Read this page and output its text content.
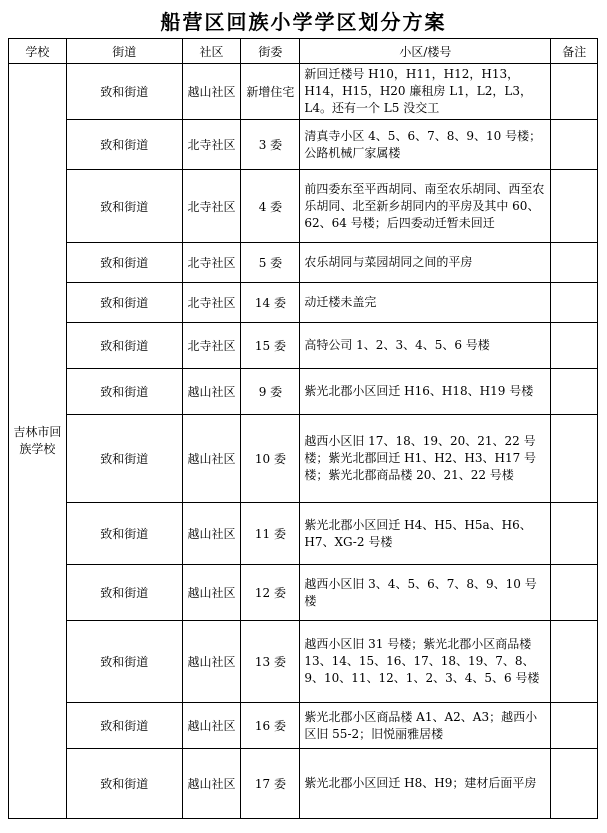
船营区回族小学学区划分方案
学校	街道	社区	街委	小区/楼号	备注
吉林市回族学校	致和街道	越山社区	新增住宅	新回迁楼号 H10，H11，H12，H13，H14，H15，H20 廉租房 L1，L2，L3，L4。还有一个 L5 没交工	
	致和街道	北寺社区	3 委	清真寺小区 4、5、6、7、8、9、10 号楼；公路机械厂家属楼	
	致和街道	北寺社区	4 委	前四委东至平西胡同、南至农乐胡同、西至农乐胡同、北至新乡胡同内的平房及其中 60、62、64 号楼；后四委动迁暂未回迁	
	致和街道	北寺社区	5 委	农乐胡同与菜园胡同之间的平房	
	致和街道	北寺社区	14 委	动迁楼未盖完	
	致和街道	北寺社区	15 委	高特公司 1、2、3、4、5、6 号楼	
	致和街道	越山社区	9 委	紫光北郡小区回迁 H16、H18、H19 号楼	
	致和街道	越山社区	10 委	越西小区旧 17、18、19、20、21、22 号楼；紫光北郡回迁 H1、H2、H3、H17 号楼；紫光北郡商品楼 20、21、22 号楼	
	致和街道	越山社区	11 委	紫光北郡小区回迁 H4、H5、H5a、H6、H7、XG-2 号楼	
	致和街道	越山社区	12 委	越西小区旧 3、4、5、6、7、8、9、10 号楼	
	致和街道	越山社区	13 委	越西小区旧 31 号楼；紫光北郡小区商品楼 13、14、15、16、17、18、19、7、8、9、10、11、12、1、2、3、4、5、6 号楼	
	致和街道	越山社区	16 委	紫光北郡小区商品楼 A1、A2、A3；越西小区旧 55-2；旧悦丽雅居楼	
	致和街道	越山社区	17 委	紫光北郡小区回迁 H8、H9；建材后面平房	
